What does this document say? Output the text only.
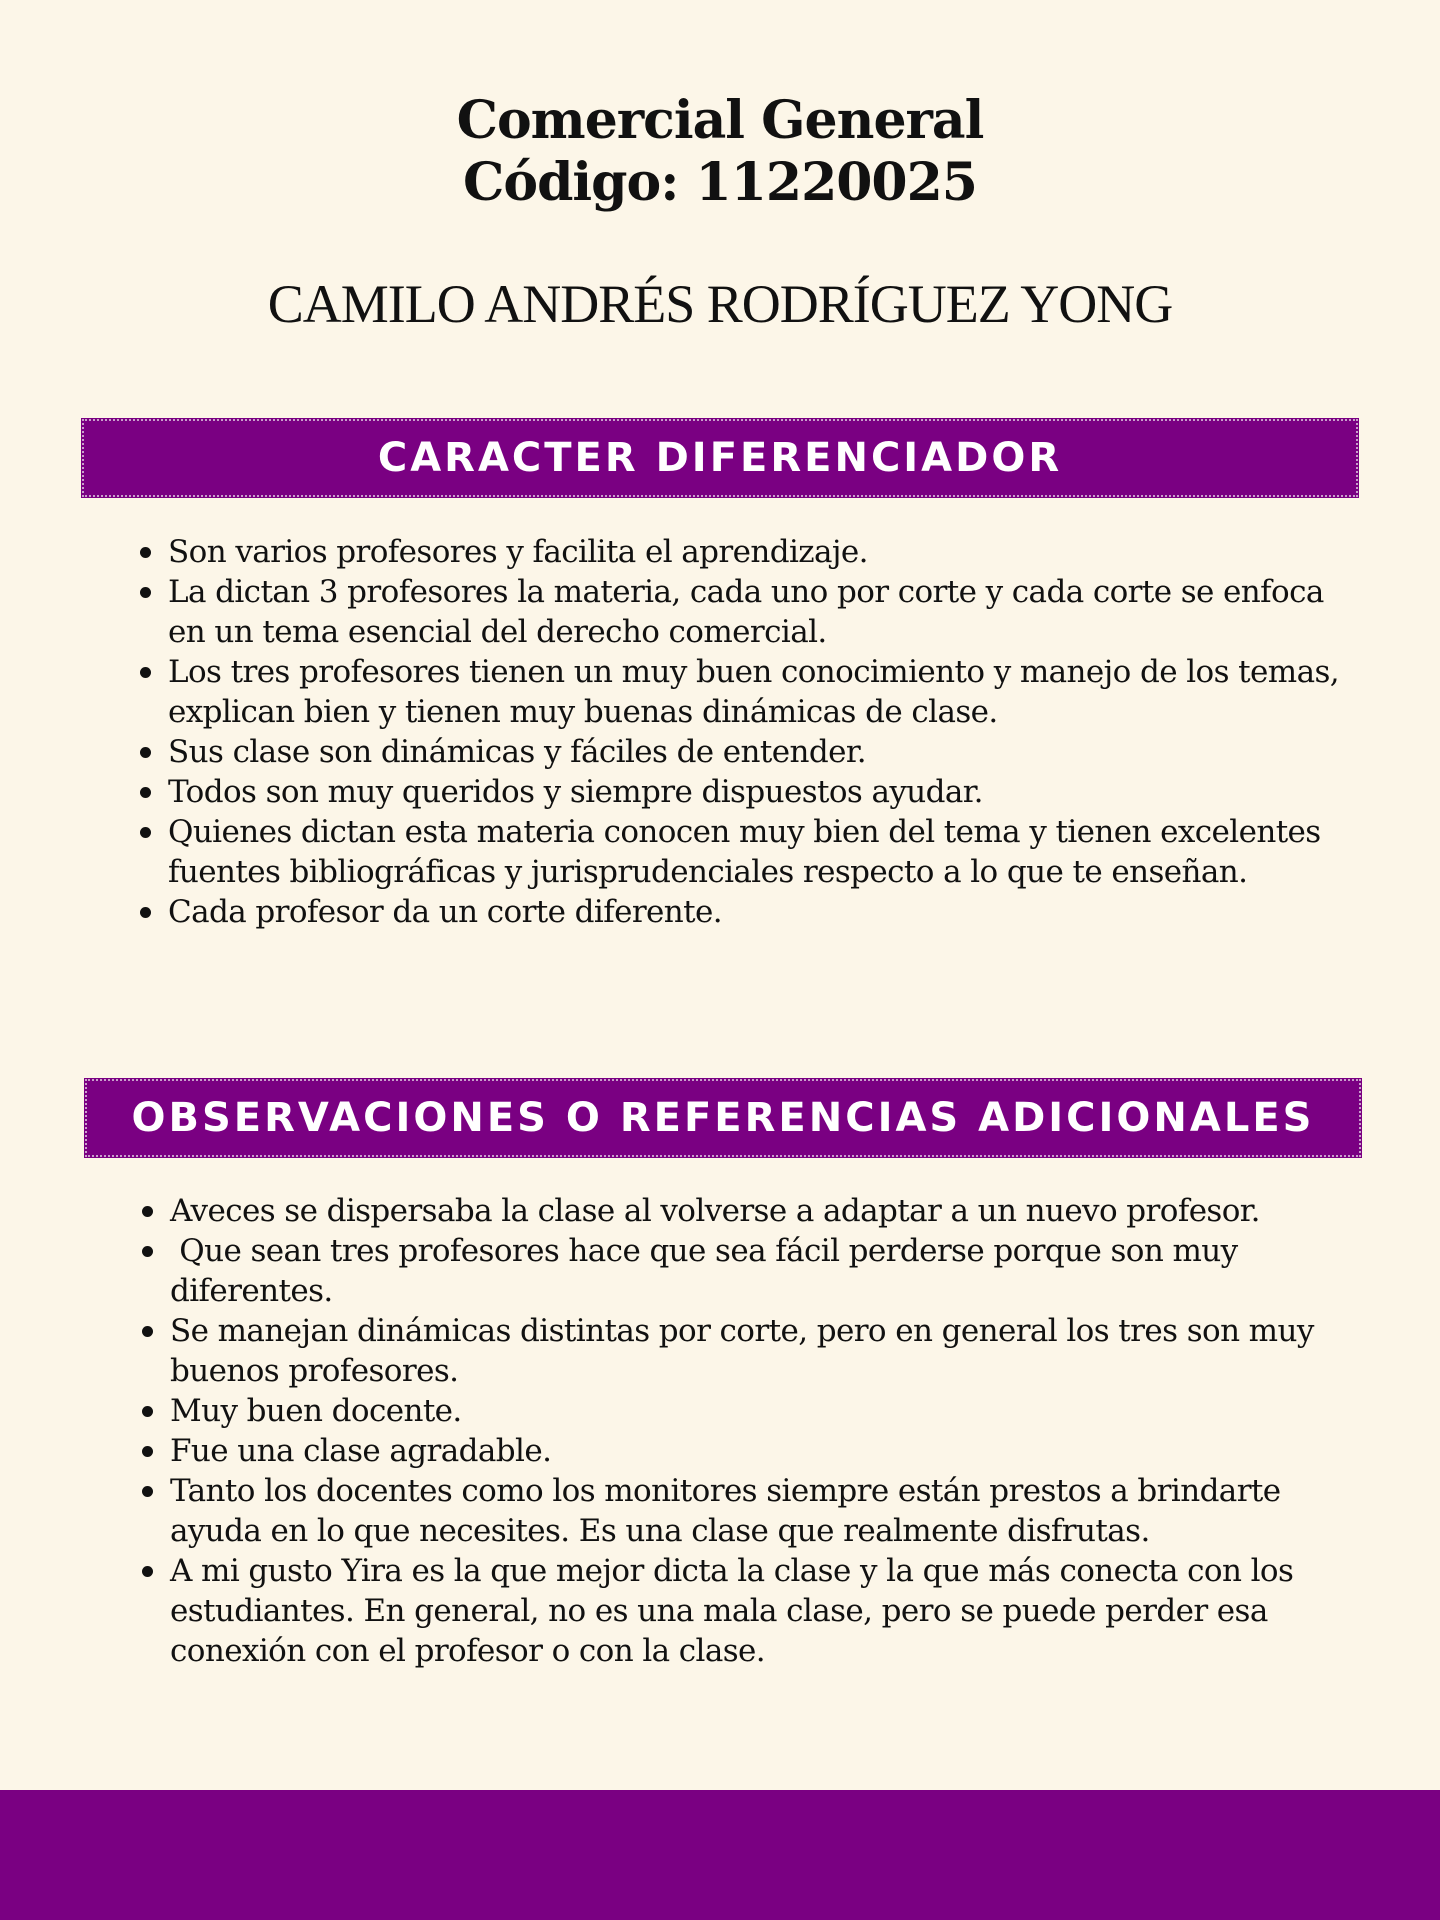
Comercial General
Código: 11220025
CAMILO ANDRÉS RODRÍGUEZ YONG
CARACTER DIFERENCIADOR
Son varios profesores y facilita el aprendizaje.
La dictan 3 profesores la materia, cada uno por corte y cada corte se enfoca en un tema esencial del derecho comercial.
Los tres profesores tienen un muy buen conocimiento y manejo de los temas, explican bien y tienen muy buenas dinámicas de clase.
Sus clase son dinámicas y fáciles de entender.
Todos son muy queridos y siempre dispuestos ayudar.
Quienes dictan esta materia conocen muy bien del tema y tienen excelentes fuentes bibliográficas y jurisprudenciales respecto a lo que te enseñan.
Cada profesor da un corte diferente.
OBSERVACIONES O REFERENCIAS ADICIONALES
Aveces se dispersaba la clase al volverse a adaptar a un nuevo profesor.
Que sean tres profesores hace que sea fácil perderse porque son muy diferentes.
Se manejan dinámicas distintas por corte, pero en general los tres son muy buenos profesores.
Muy buen docente.
Fue una clase agradable.
Tanto los docentes como los monitores siempre están prestos a brindarte ayuda en lo que necesites. Es una clase que realmente disfrutas.
A mi gusto Yira es la que mejor dicta la clase y la que más conecta con los estudiantes. En general, no es una mala clase, pero se puede perder esa conexión con el profesor o con la clase.
